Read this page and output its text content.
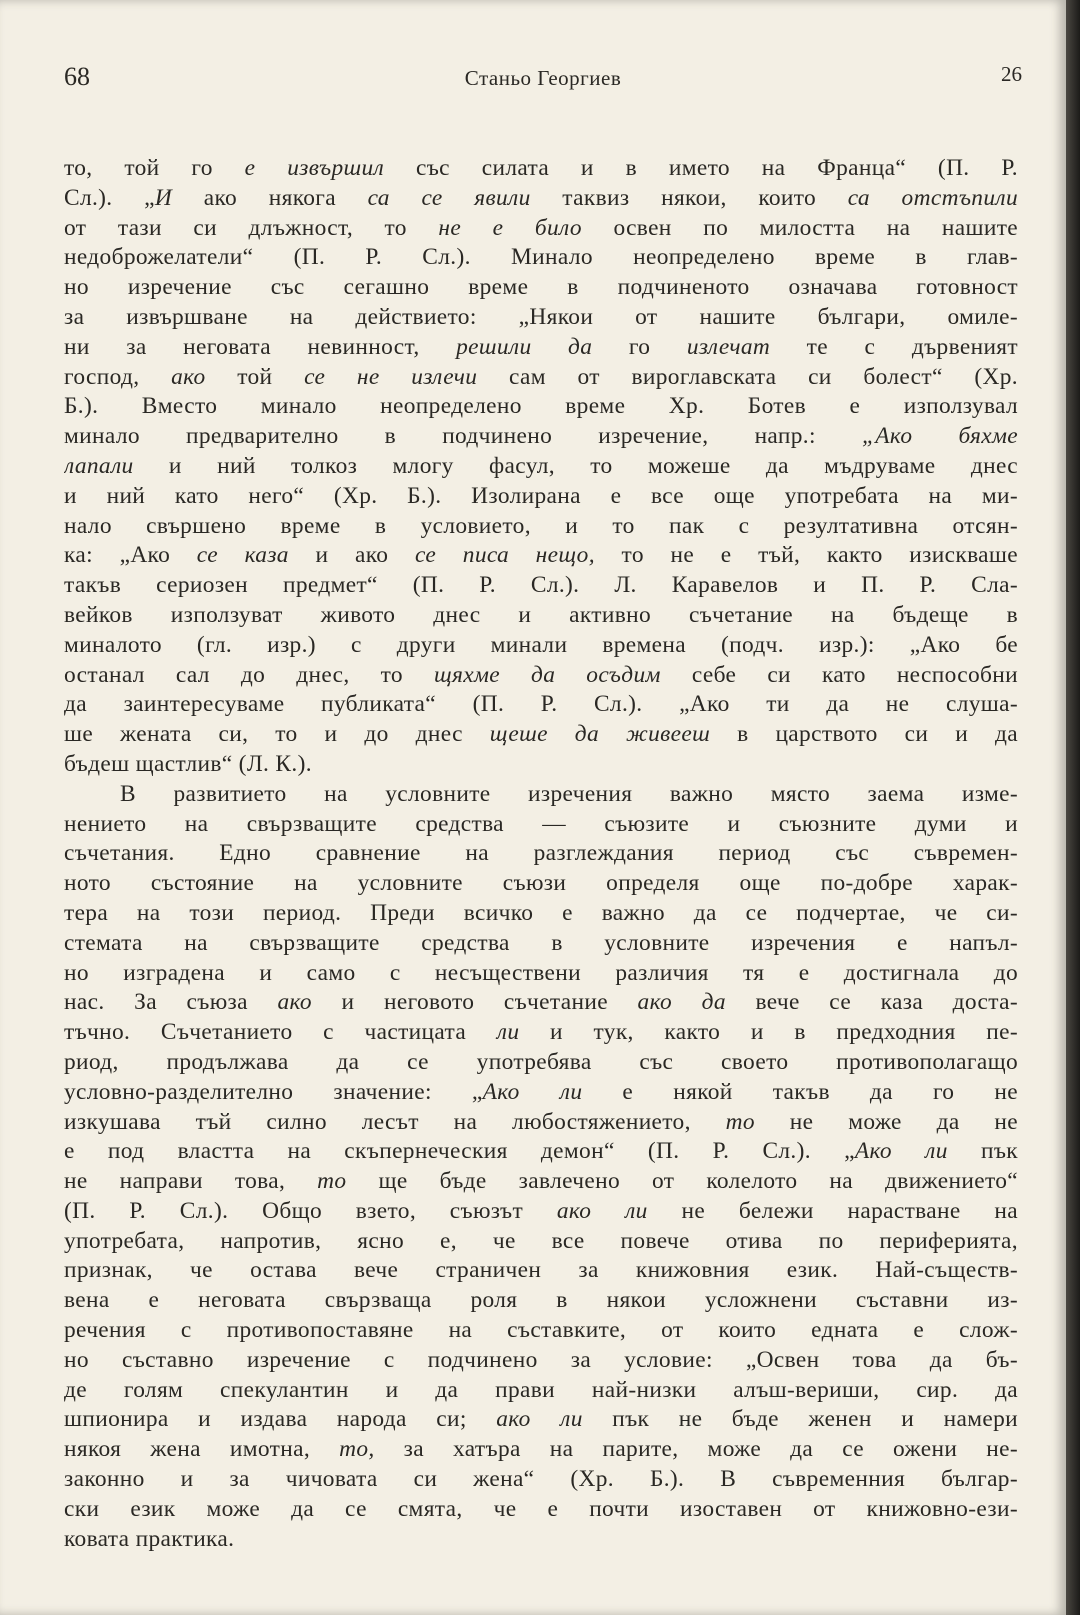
68	Станьо Георгиев	26
то, той го е извършил със силата и в името на Франца“ (П. Р.
Сл.). „И ако някога са се явили таквиз някои, които са отстъпили
от тази си длъжност, то не е било освен по милостта на нашите
недоброжелатели“ (П. Р. Сл.). Минало неопределено време в глав-
но изречение със сегашно време в подчиненото означава готовност
за извършване на действието: „Някои от нашите българи, омиле-
ни за неговата невинност, решили да го излечат те с дървеният
господ, ако той се не излечи сам от вироглавската си болест“ (Хр.
Б.). Вместо минало неопределено време Хр. Ботев е използувал
минало предварително в подчинено изречение, напр.: „Ако бяхме
лапали и ний толкоз млогу фасул, то можеше да мъдруваме днес
и ний като него“ (Хр. Б.). Изолирана е все още употребата на ми-
нало свършено време в условието, и то пак с резултативна отсян-
ка: „Ако се каза и ако се писа нещо, то не е тъй, както изискваше
такъв сериозен предмет“ (П. Р. Сл.). Л. Каравелов и П. Р. Сла-
вейков използуват живото днес и активно съчетание на бъдеще в
миналото (гл. изр.) с други минали времена (подч. изр.): „Ако бе
останал сал до днес, то щяхме да осъдим себе си като неспособни
да заинтересуваме публиката“ (П. Р. Сл.). „Ако ти да не слуша-
ше жената си, то и до днес щеше да живееш в царството си и да
бъдеш щастлив“ (Л. К.).
В развитието на условните изречения важно място заема изме-
нението на свързващите средства — съюзите и съюзните думи и
съчетания. Едно сравнение на разглеждания период със съвремен-
ното състояние на условните съюзи определя още по-добре харак-
тера на този период. Преди всичко е важно да се подчертае, че си-
стемата на свързващите средства в условните изречения е напъл-
но изградена и само с несъществени различия тя е достигнала до
нас. За съюза ако и неговото съчетание ако да вече се каза доста-
тъчно. Съчетанието с частицата ли и тук, както и в предходния пе-
риод, продължава да се употребява със своето противополагащо
условно-разделително значение: „Ако ли е някой такъв да го не
изкушава тъй силно лесът на любостяжението, то не може да не
е под властта на скъпернеческия демон“ (П. Р. Сл.). „Ако ли пък
не направи това, то ще бъде завлечено от колелото на движението“
(П. Р. Сл.). Общо взето, съюзът ако ли не бележи нарастване на
употребата, напротив, ясно е, че все повече отива по периферията,
признак, че остава вече страничен за книжовния език. Най-съществ-
вена е неговата свързваща роля в някои усложнени съставни из-
речения с противопоставяне на съставките, от които едната е слож-
но съставно изречение с подчинено за условие: „Освен това да бъ-
де голям спекулантин и да прави най-низки алъш-вериши, сир. да
шпионира и издава народа си; ако ли пък не бъде женен и намери
някоя жена имотна, то, за хатъра на парите, може да се ожени не-
законно и за чичовата си жена“ (Хр. Б.). В съвременния българ-
ски език може да се смята, че е почти изоставен от книжовно-ези-
ковата практика.
